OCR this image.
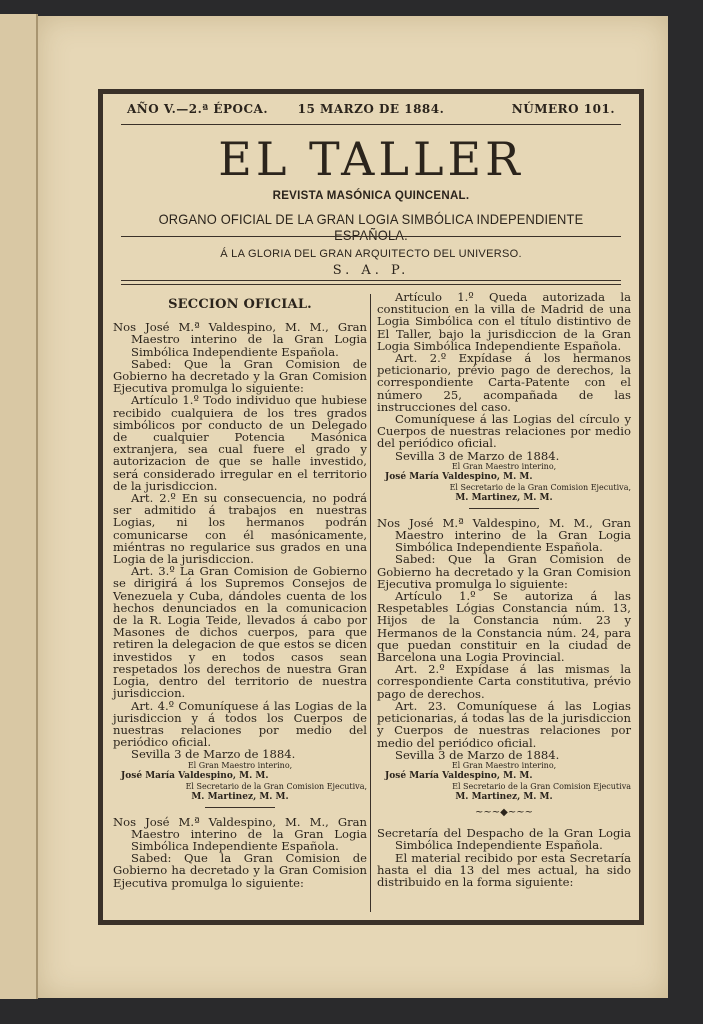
AÑO V.—2.ª ÉPOCA.	15 MARZO DE 1884.	NÚMERO 101.
EL TALLER
REVISTA MASÓNICA QUINCENAL.
ORGANO OFICIAL DE LA GRAN LOGIA SIMBÓLICA INDEPENDIENTE ESPAÑOLA.
Á LA GLORIA DEL GRAN ARQUITECTO DEL UNIVERSO.
S. A. P.
SECCION OFICIAL.

Nos José M.ª Valdespino, M. M., Gran Maestro interino de la Gran Logia Simbólica Independiente Española.

Sabed: Que la Gran Comision de Gobierno ha decretado y la Gran Comision Ejecutiva promulga lo siguiente:

Artículo 1.º Todo individuo que hubiese recibido cualquiera de los tres grados simbólicos por conducto de un Delegado de cualquier Potencia Masónica extranjera, sea cual fuere el grado y autorizacion de que se halle investido, será considerado irregular en el territorio de la jurisdiccion.

Art. 2.º En su consecuencia, no podrá ser admitido á trabajos en nuestras Logias, ni los hermanos podrán comunicarse con él masónicamente, miéntras no regularice sus grados en una Logia de la jurisdiccion.

Art. 3.º La Gran Comision de Gobierno se dirigirá á los Supremos Consejos de Venezuela y Cuba, dándoles cuenta de los hechos denunciados en la comunicacion de la R. Logia Teide, llevados á cabo por Masones de dichos cuerpos, para que retiren la delegacion de que estos se dicen investidos y en todos casos sean respetados los derechos de nuestra Gran Logia, dentro del territorio de nuestra jurisdiccion.

Art. 4.º Comuníquese á las Logias de la jurisdiccion y á todos los Cuerpos de nuestras relaciones por medio del periódico oficial.

Sevilla 3 de Marzo de 1884.

El Gran Maestro interino,
José María Valdespino, M. M.
El Secretario de la Gran Comision Ejecutiva,
M. Martinez, M. M.

Nos José M.ª Valdespino, M. M., Gran Maestro interino de la Gran Logia Simbólica Independiente Española.

Sabed: Que la Gran Comision de Gobierno ha decretado y la Gran Comision Ejecutiva promulga lo siguiente:

Artículo 1.º Queda autorizada la constitucion en la villa de Madrid de una Logia Simbólica con el título distintivo de El Taller, bajo la jurisdiccion de la Gran Logia Simbólica Independiente Española.

Art. 2.º Expídase á los hermanos peticionario, prévio pago de derechos, la correspondiente Carta-Patente con el número 25, acompañada de las instrucciones del caso.

Comuníquese á las Logias del círculo y Cuerpos de nuestras relaciones por medio del periódico oficial.

Sevilla 3 de Marzo de 1884.

El Gran Maestro interino,
José María Valdespino, M. M.
El Secretario de la Gran Comision Ejecutiva,
M. Martinez, M. M.

Nos José M.ª Valdespino, M. M., Gran Maestro interino de la Gran Logia Simbólica Independiente Española.

Sabed: Que la Gran Comision de Gobierno ha decretado y la Gran Comision Ejecutiva promulga lo siguiente:

Artículo 1.º Se autoriza á las Respetables Lógias Constancia núm. 13, Hijos de la Constancia núm. 23 y Hermanos de la Constancia núm. 24, para que puedan constituir en la ciudad de Barcelona una Logia Provincial.

Art. 2.º Expídase á las mismas la correspondiente Carta constitutiva, prévio pago de derechos.

Art. 23. Comuníquese á las Logias peticionarias, á todas las de la jurisdiccion y Cuerpos de nuestras relaciones por medio del periódico oficial.

Sevilla 3 de Marzo de 1884.

El Gran Maestro interino,
José María Valdespino, M. M.
El Secretario de la Gran Comision Ejecutiva
M. Martinez, M. M.
~~~◆~~~

Secretaría del Despacho de la Gran Logia Simbólica Independiente Española.

El material recibido por esta Secretaría hasta el dia 13 del mes actual, ha sido distribuido en la forma siguiente:
